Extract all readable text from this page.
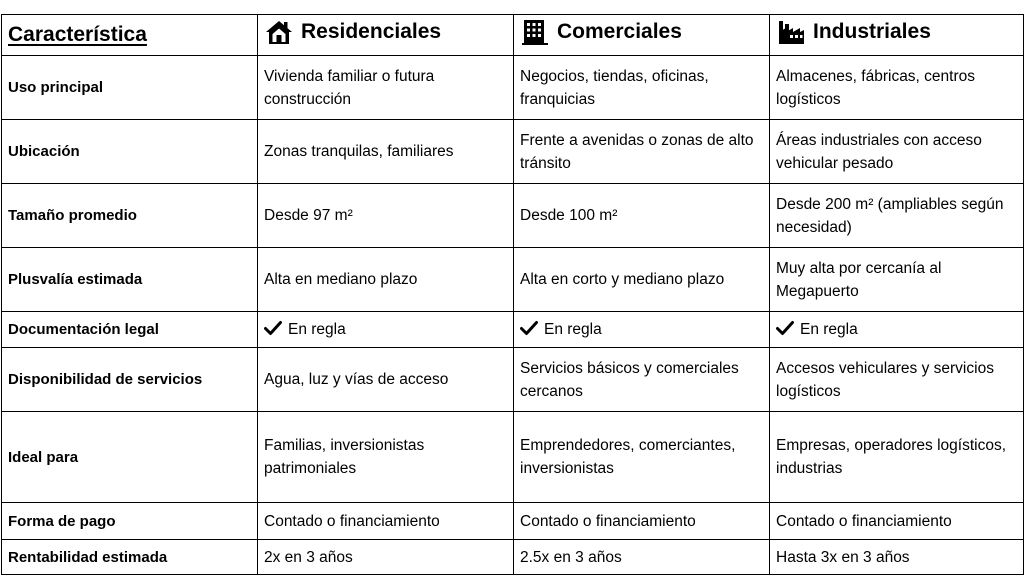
Característica	Residenciales	Comerciales	Industriales

Uso principal	Vivienda familiar o futura construcción	Negocios, tiendas, oficinas, franquicias	Almacenes, fábricas, centros logísticos
Ubicación	Zonas tranquilas, familiares	Frente a avenidas o zonas de alto tránsito	Áreas industriales con acceso vehicular pesado
Tamaño promedio	Desde 97 m²	Desde 100 m²	Desde 200 m² (ampliables según necesidad)
Plusvalía estimada	Alta en mediano plazo	Alta en corto y mediano plazo	Muy alta por cercanía al Megapuerto
Documentación legal	En regla	En regla	En regla
Disponibilidad de servicios	Agua, luz y vías de acceso	Servicios básicos y comerciales cercanos	Accesos vehiculares y servicios logísticos
Ideal para	Familias, inversionistas patrimoniales	Emprendedores, comerciantes, inversionistas	Empresas, operadores logísticos, industrias
Forma de pago	Contado o financiamiento	Contado o financiamiento	Contado o financiamiento
Rentabilidad estimada	2x en 3 años	2.5x en 3 años	Hasta 3x en 3 años
